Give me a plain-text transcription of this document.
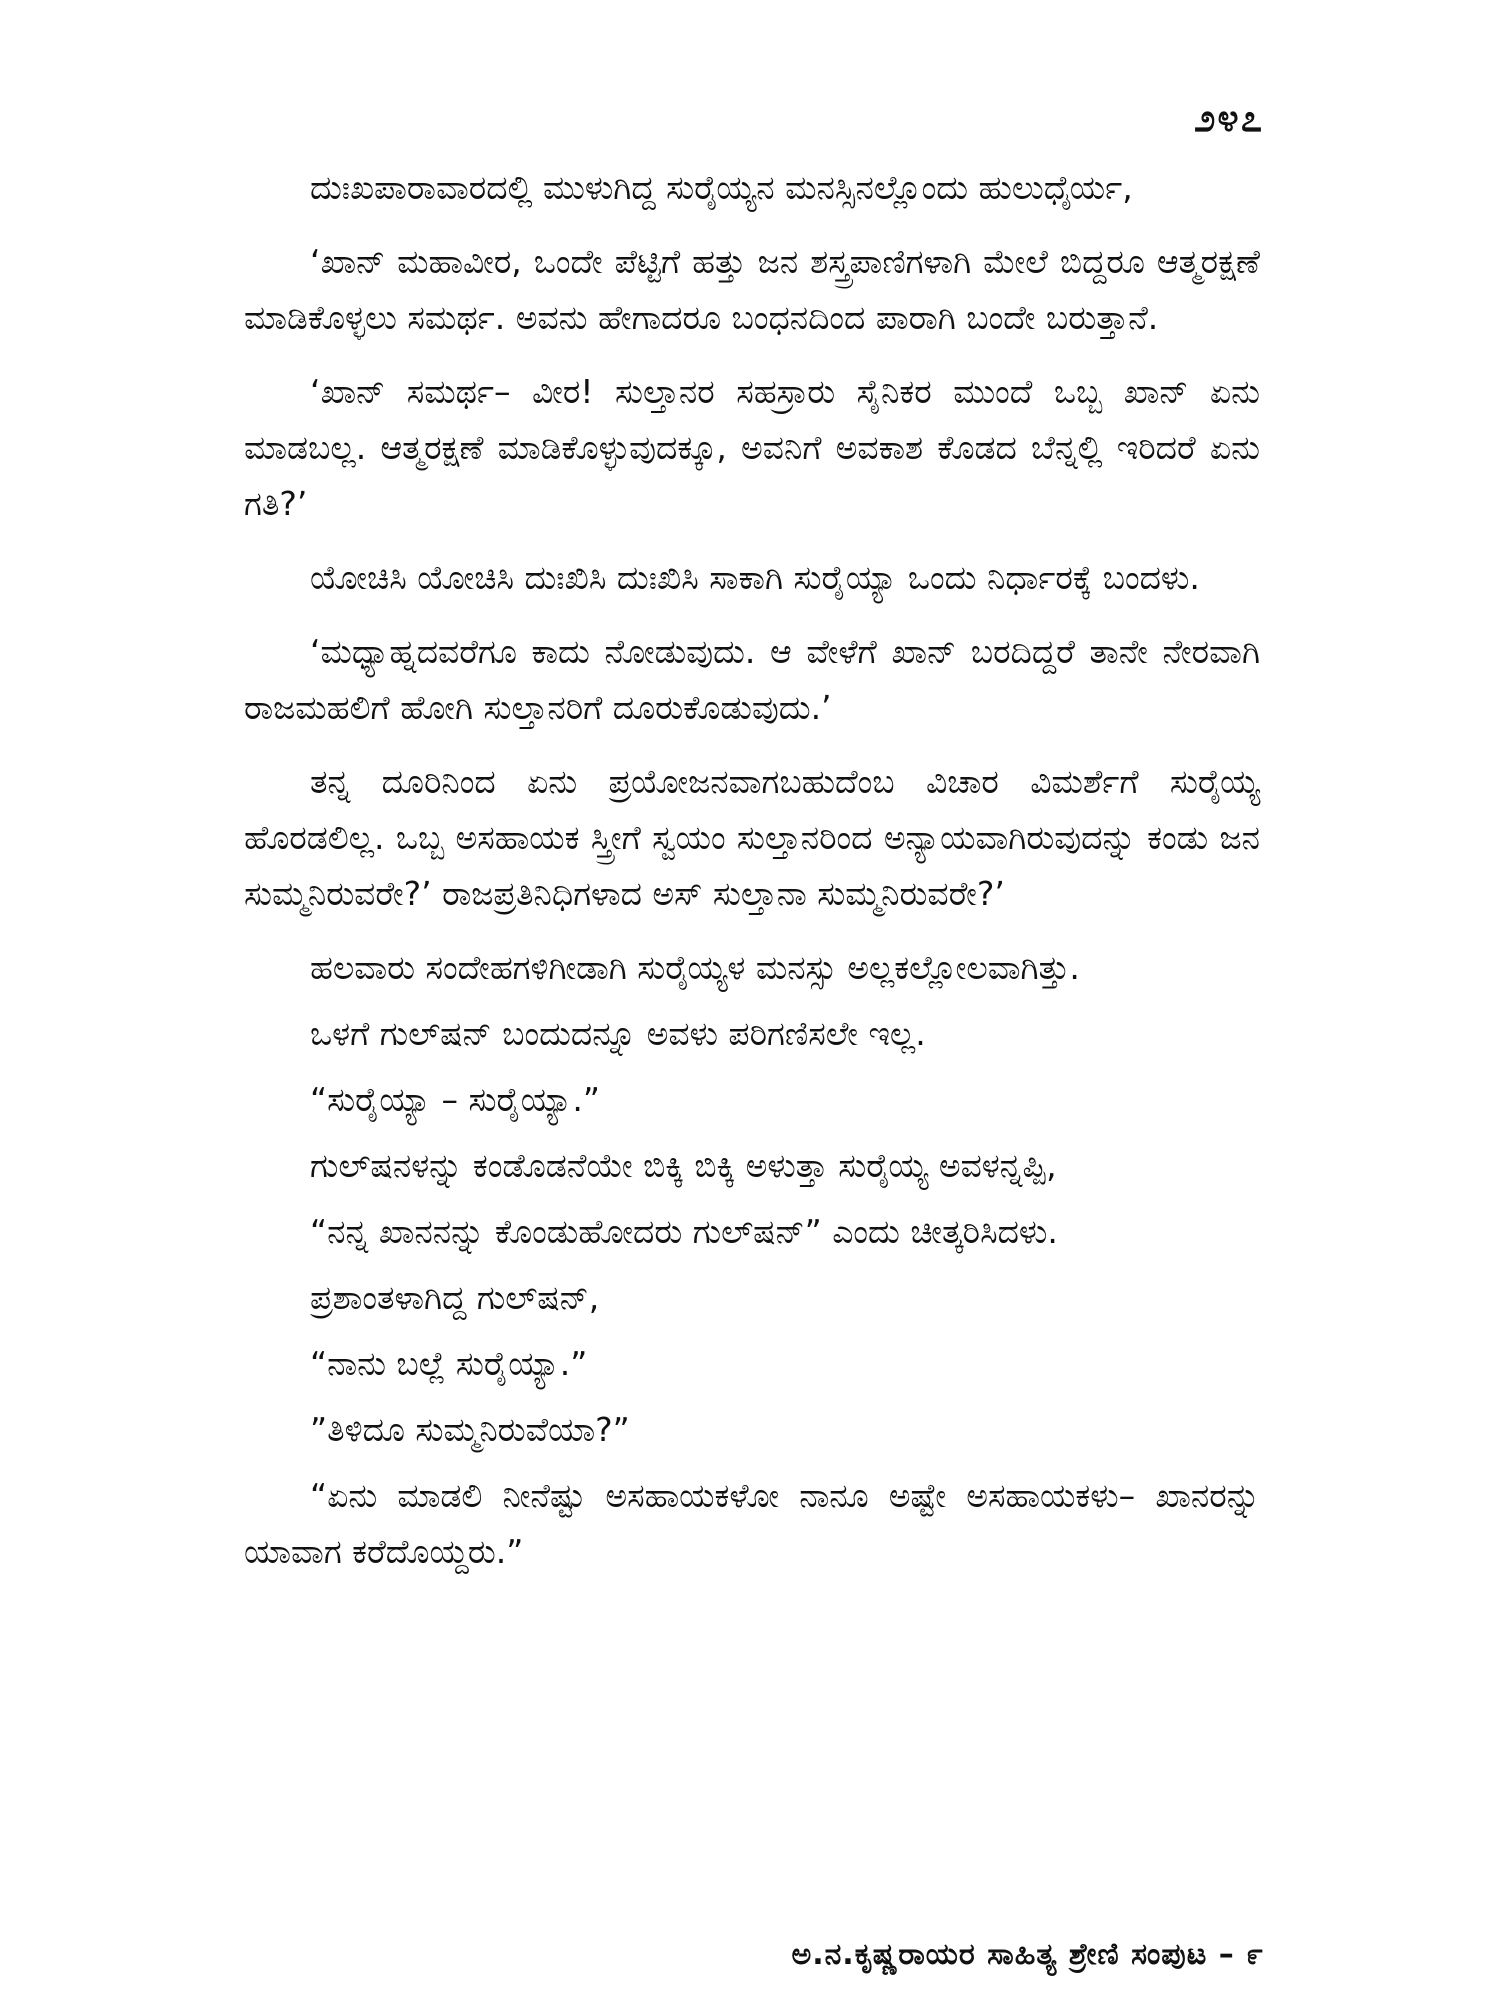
೨೪೭

ದುಃಖಪಾರಾವಾರದಲ್ಲಿ ಮುಳುಗಿದ್ದ ಸುರೈಯ್ಯನ ಮನಸ್ಸಿನಲ್ಲೊಂದು ಹುಲುಧೈರ್ಯ,

‘ಖಾನ್ ಮಹಾವೀರ, ಒಂದೇ ಪೆಟ್ಟಿಗೆ ಹತ್ತು ಜನ ಶಸ್ತ್ರಪಾಣಿಗಳಾಗಿ ಮೇಲೆ ಬಿದ್ದರೂ ಆತ್ಮರಕ್ಷಣೆ ಮಾಡಿಕೊಳ್ಳಲು ಸಮರ್ಥ. ಅವನು ಹೇಗಾದರೂ ಬಂಧನದಿಂದ ಪಾರಾಗಿ ಬಂದೇ ಬರುತ್ತಾನೆ.

‘ಖಾನ್ ಸಮರ್ಥ– ವೀರ! ಸುಲ್ತಾನರ ಸಹಸ್ರಾರು ಸೈನಿಕರ ಮುಂದೆ ಒಬ್ಬ ಖಾನ್ ಏನು ಮಾಡಬಲ್ಲ. ಆತ್ಮರಕ್ಷಣೆ ಮಾಡಿಕೊಳ್ಳುವುದಕ್ಕೂ, ಅವನಿಗೆ ಅವಕಾಶ ಕೊಡದ ಬೆನ್ನಲ್ಲಿ ಇರಿದರೆ ಏನು ಗತಿ?’

ಯೋಚಿಸಿ ಯೋಚಿಸಿ ದುಃಖಿಸಿ ದುಃಖಿಸಿ ಸಾಕಾಗಿ ಸುರೈಯ್ಯಾ ಒಂದು ನಿರ್ಧಾರಕ್ಕೆ ಬಂದಳು.

‘ಮಧ್ಯಾಹ್ನದವರೆಗೂ ಕಾದು ನೋಡುವುದು. ಆ ವೇಳೆಗೆ ಖಾನ್ ಬರದಿದ್ದರೆ ತಾನೇ ನೇರವಾಗಿ ರಾಜಮಹಲಿಗೆ ಹೋಗಿ ಸುಲ್ತಾನರಿಗೆ ದೂರುಕೊಡುವುದು.’

ತನ್ನ ದೂರಿನಿಂದ ಏನು ಪ್ರಯೋಜನವಾಗಬಹುದೆಂಬ ವಿಚಾರ ವಿಮರ್ಶೆಗೆ ಸುರೈಯ್ಯ ಹೊರಡಲಿಲ್ಲ. ಒಬ್ಬ ಅಸಹಾಯಕ ಸ್ತ್ರೀಗೆ ಸ್ವಯಂ ಸುಲ್ತಾನರಿಂದ ಅನ್ಯಾಯವಾಗಿರುವುದನ್ನು ಕಂಡು ಜನ ಸುಮ್ಮನಿರುವರೇ?’ ರಾಜಪ್ರತಿನಿಧಿಗಳಾದ ಅಸ್ ಸುಲ್ತಾನಾ ಸುಮ್ಮನಿರುವರೇ?’

ಹಲವಾರು ಸಂದೇಹಗಳಿಗೀಡಾಗಿ ಸುರೈಯ್ಯಳ ಮನಸ್ಸು ಅಲ್ಲಕಲ್ಲೋಲವಾಗಿತ್ತು.

ಒಳಗೆ ಗುಲ್‌ಷನ್ ಬಂದುದನ್ನೂ ಅವಳು ಪರಿಗಣಿಸಲೇ ಇಲ್ಲ.

“ಸುರೈಯ್ಯಾ – ಸುರೈಯ್ಯಾ.”

ಗುಲ್‌ಷನಳನ್ನು ಕಂಡೊಡನೆಯೇ ಬಿಕ್ಕಿ ಬಿಕ್ಕಿ ಅಳುತ್ತಾ ಸುರೈಯ್ಯ ಅವಳನ್ನಪ್ಪಿ,

“ನನ್ನ ಖಾನನನ್ನು ಕೊಂಡುಹೋದರು ಗುಲ್‌ಷನ್” ಎಂದು ಚೀತ್ಕರಿಸಿದಳು.

ಪ್ರಶಾಂತಳಾಗಿದ್ದ ಗುಲ್‌ಷನ್,

“ನಾನು ಬಲ್ಲೆ ಸುರೈಯ್ಯಾ.”

”ತಿಳಿದೂ ಸುಮ್ಮನಿರುವೆಯಾ?”

“ಏನು ಮಾಡಲಿ ನೀನೆಷ್ಟು ಅಸಹಾಯಕಳೋ ನಾನೂ ಅಷ್ಟೇ ಅಸಹಾಯಕಳು– ಖಾನರನ್ನು ಯಾವಾಗ ಕರೆದೊಯ್ದರು.”

ಅ.ನ.ಕೃಷ್ಣರಾಯರ ಸಾಹಿತ್ಯ ಶ್ರೇಣಿ ಸಂಪುಟ – ೯
